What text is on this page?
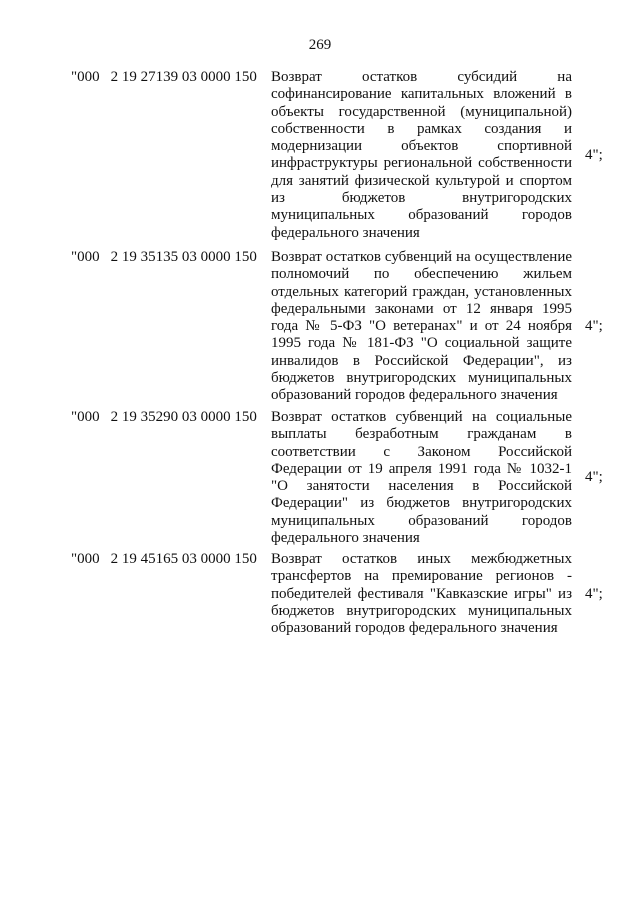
269
"000 2 19 27139 03 0000 150 Возврат остатков субсидий на софинансирование капитальных вложений в объекты государственной (муниципальной) собственности в рамках создания и модернизации объектов спортивной инфраструктуры региональной собственности для занятий физической культурой и спортом из бюджетов внутригородских муниципальных образований городов федерального значения
4";
"000 2 19 35135 03 0000 150 Возврат остатков субвенций на осуществление полномочий по обеспечению жильем отдельных категорий граждан, установленных федеральными законами от 12 января 1995 года № 5-ФЗ "О ветеранах" и от 24 ноября 1995 года № 181-ФЗ "О социальной защите инвалидов в Российской Федерации", из бюджетов внутригородских муниципальных образований городов федерального значения
4";
"000 2 19 35290 03 0000 150 Возврат остатков субвенций на социальные выплаты безработным гражданам в соответствии с Законом Российской Федерации от 19 апреля 1991 года № 1032-1 "О занятости населения в Российской Федерации" из бюджетов внутригородских муниципальных образований городов федерального значения
4";
"000 2 19 45165 03 0000 150 Возврат остатков иных межбюджетных трансфертов на премирование регионов - победителей фестиваля "Кавказские игры" из бюджетов внутригородских муниципальных образований городов федерального значения
4";
